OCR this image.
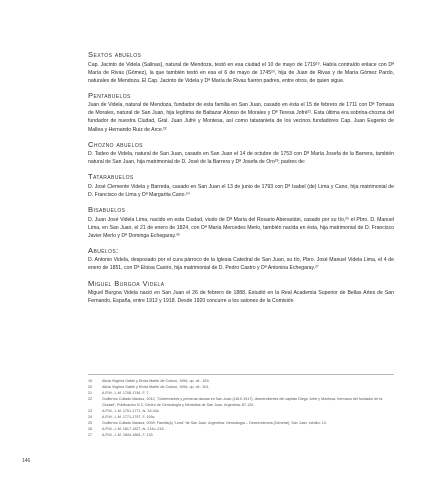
Sextos abuelos

Cap. Jacinto de Videla (Salinas), natural de Mendoza, testó en esa ciudad el 10 de mayo de 1719¹⁹. Había contraído enlace con Dª María de Rivas (Gómez), la que también testó en esa el 6 de mayo de 1745²⁰, hija de Juan de Rivas y de María Gómez Pardo, naturales de Mendoza. El Cap. Jacinto de Videla y Dª María de Rivas fueron padres, entre otros, de quien sigue.

Pentabuelos

Juan de Videla, natural de Mendoza, fundador de esta familia en San Juan, casado en ésta el 15 de febrero de 1711 con Dª Tomasa de Morales, natural de San Juan, hija legítima de Baltazar Alonso de Morales y Dª Teresa Jofré²¹. Esta última era sobrina-chozna del fundador de nuestra Ciudad, Gral. Juan Jufré y Montesa, así como tataranieta de los vecinos fundadores Cap. Juan Eugenio de Mallea y Hernando Ruiz de Arce.²²

Chozno abuelos

D. Tadeo de Videla, natural de San Juan, casado en San Juan el 14 de octubre de 1753 con Dª María Josefa de la Barrera, también natural de San Juan, hija matrimonial de D. José de la Barrera y Dª Josefa de Oro²³; padres de:

Tatarabuelos

D. José Clemente Videla y Barreda, casado en San Juan el 13 de junio de 1793 con Dª Isabel (de) Lima y Cano, hija matrimonial de D. Francisco de Lima y Dª Margarita Cano.²⁴

Bisabuelos

D. Juan José Videla Lima, nacido en esta Ciudad, viudo de Dª María del Rosario Aberastáin, casado por su tío,²⁵ el Pbro. D. Manuel Lima, en San Juan, el 21 de enero de 1824, con Dª María Mercedes Merlo, también nacida en ésta, hija matrimonial de D. Francisco Javier Merlo y Dª Dominga Echegaray.²⁶

Abuelos:

D. Antonio Videla, desposado por el cura párroco de la Iglesia Catedral de San Juan, su tío, Pbro. José Manuel Videla Lima, el 4 de enero de 1851, con Dª Eloisa Castro, hija matrimonial de D. Pedro Castro y Dª Antonina Echegaray.²⁷

Miguel Burgoa Videla

Miguel Burgoa Videla nació en San Juan el 26 de febrero de 1888. Estudió en la Real Academia Superior de Bellas Artes de San Fernando, España, entre 1912 y 1918. Desde 1920 concurre a los salones de la Comisión

19	Alicia Virginia Gabbi y Elvira Martin de Codoni, 1996, op. cit.: 169.
20	Alicia Virginia Gabbi y Elvira Martin de Codoni, 1996, op. cit.: 301.
21	A.P.M., L.M. 1708-1746, F. 7.
22	Guillermo Collado Madcur, 2012, "Gobernantes y primeras damas en San Juan (1810-1917), descendientes del capitán Diego Jufré y Montesa, hermano del fundador de la Ciudad", Publicación N 3, Centro de Genealogía y Heráldica de San Juan, Argentina: 87-120.
23	A.P.M., L.M. 1751-1771, fs. 34-34v.
24	A.P.M., L.M. 1771-1797, F. 193v.
25	Guillermo Collado Madcur, 2009, Familia(s) "Lima" de San Juan, Argentina: Genealogía – Descendencia (General), San Juan, inédito: 14.
26	A.P.M., L.M. 1817-1827, fs. 214v.-215.
27	A.P.M., L.M. 1844-1864, F. 133.
146
